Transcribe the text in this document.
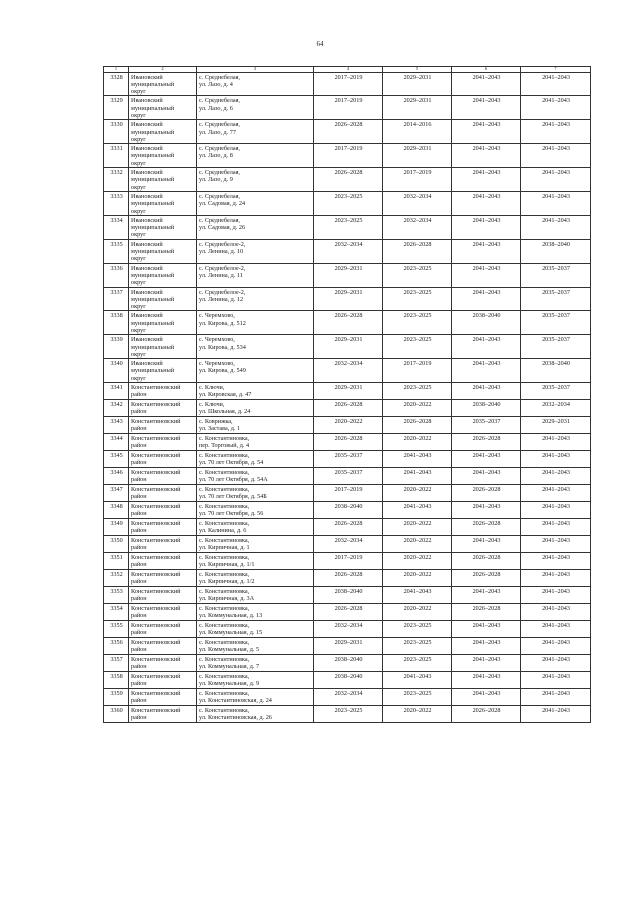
64
1	2	3	4	5	6	7
3328	Ивановский
муниципальный
округ	с. Среднебелая,
ул. Лазо, д. 4	2017–2019	2029–2031	2041–2043	2041–2043
3329	Ивановский
муниципальный
округ	с. Среднебелая,
ул. Лазо, д. 6	2017–2019	2029–2031	2041–2043	2041–2043
3330	Ивановский
муниципальный
округ	с. Среднебелая,
ул. Лазо, д. 77	2026–2028	2014–2016	2041–2043	2041–2043
3331	Ивановский
муниципальный
округ	с. Среднебелая,
ул. Лазо, д. 8	2017–2019	2029–2031	2041–2043	2041–2043
3332	Ивановский
муниципальный
округ	с. Среднебелая,
ул. Лазо, д. 9	2026–2028	2017–2019	2041–2043	2041–2043
3333	Ивановский
муниципальный
округ	с. Среднебелая,
ул. Садовая, д. 24	2023–2025	2032–2034	2041–2043	2041–2043
3334	Ивановский
муниципальный
округ	с. Среднебелая,
ул. Садовая, д. 26	2023–2025	2032–2034	2041–2043	2041–2043
3335	Ивановский
муниципальный
округ	с. Среднебелое-2,
ул. Ленина, д. 10	2032–2034	2026–2028	2041–2043	2038–2040
3336	Ивановский
муниципальный
округ	с. Среднебелое-2,
ул. Ленина, д. 11	2029–2031	2023–2025	2041–2043	2035–2037
3337	Ивановский
муниципальный
округ	с. Среднебелое-2,
ул. Ленина, д. 12	2029–2031	2023–2025	2041–2043	2035–2037
3338	Ивановский
муниципальный
округ	с. Черемхово,
ул. Кирова, д. 512	2026–2028	2023–2025	2038–2040	2035–2037
3339	Ивановский
муниципальный
округ	с. Черемхово,
ул. Кирова, д. 534	2029–2031	2023–2025	2041–2043	2035–2037
3340	Ивановский
муниципальный
округ	с. Черемхово,
ул. Кирова, д. 549	2032–2034	2017–2019	2041–2043	2038–2040
3341	Константиновский
район	с. Ключи,
ул. Кировская, д. 47	2029–2031	2023–2025	2041–2043	2035–2037
3342	Константиновский
район	с. Ключи,
ул. Школьная, д. 24	2026–2028	2020–2022	2038–2040	2032–2034
3343	Константиновский
район	с. Коврижка,
ул. Застава, д. 1	2020–2022	2026–2028	2035–2037	2029–2031
3344	Константиновский
район	с. Константиновка,
пер. Торговый, д. 4	2026–2028	2020–2022	2026–2028	2041–2043
3345	Константиновский
район	с. Константиновка,
ул. 70 лет Октября, д. 54	2035–2037	2041–2043	2041–2043	2041–2043
3346	Константиновский
район	с. Константиновка,
ул. 70 лет Октября, д. 54А	2035–2037	2041–2043	2041–2043	2041–2043
3347	Константиновский
район	с. Константиновка,
ул. 70 лет Октября, д. 54Б	2017–2019	2020–2022	2026–2028	2041–2043
3348	Константиновский
район	с. Константиновка,
ул. 70 лет Октября, д. 56	2038–2040	2041–2043	2041–2043	2041–2043
3349	Константиновский
район	с. Константиновка,
ул. Калинина, д. 6	2026–2028	2020–2022	2026–2028	2041–2043
3350	Константиновский
район	с. Константиновка,
ул. Кирпичная, д. 1	2032–2034	2020–2022	2041–2043	2041–2043
3351	Константиновский
район	с. Константиновка,
ул. Кирпичная, д. 1/1	2017–2019	2020–2022	2026–2028	2041–2043
3352	Константиновский
район	с. Константиновка,
ул. Кирпичная, д. 1/2	2026–2028	2020–2022	2026–2028	2041–2043
3353	Константиновский
район	с. Константиновка,
ул. Кирпичная, д. 3А	2038–2040	2041–2043	2041–2043	2041–2043
3354	Константиновский
район	с. Константиновка,
ул. Коммунальная, д. 13	2026–2028	2020–2022	2026–2028	2041–2043
3355	Константиновский
район	с. Константиновка,
ул. Коммунальная, д. 15	2032–2034	2023–2025	2041–2043	2041–2043
3356	Константиновский
район	с. Константиновка,
ул. Коммунальная, д. 5	2029–2031	2023–2025	2041–2043	2041–2043
3357	Константиновский
район	с. Константиновка,
ул. Коммунальная, д. 7	2038–2040	2023–2025	2041–2043	2041–2043
3358	Константиновский
район	с. Константиновка,
ул. Коммунальная, д. 9	2038–2040	2041–2043	2041–2043	2041–2043
3359	Константиновский
район	с. Константиновка,
ул. Константиновская, д. 24	2032–2034	2023–2025	2041–2043	2041–2043
3360	Константиновский
район	с. Константиновка,
ул. Константиновская, д. 26	2023–2025	2020–2022	2026–2028	2041–2043
